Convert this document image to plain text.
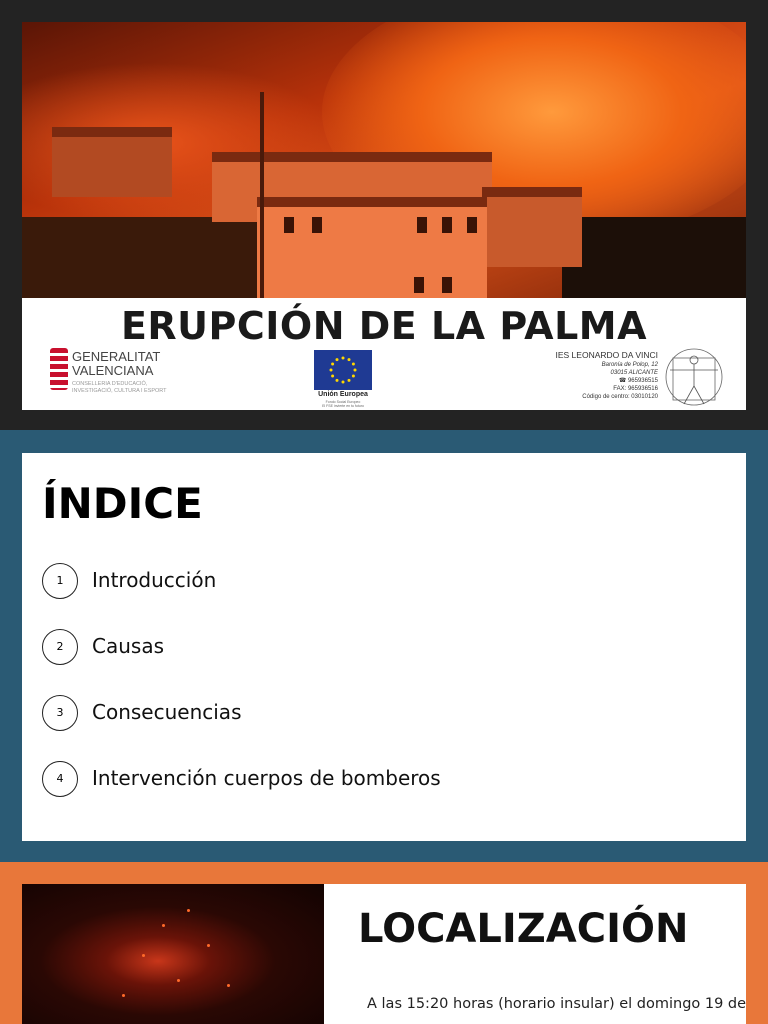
ERUPCIÓN DE LA PALMA
GENERALITAT
VALENCIANA
CONSELLERIA D'EDUCACIÓ,
INVESTIGACIÓ, CULTURA I ESPORT	Unión Europea
Fondo Social Europeo
El FSE invierte en tu futuro
IES LEONARDO DA VINCI
Baronía de Polop, 12
03015 ALICANTE
☎ 965936515
FAX: 965936516
Código de centro: 03010120
ÍNDICE
1	Introducción
2	Causas
3	Consecuencias
4	Intervención cuerpos de bomberos
LOCALIZACIÓN

A las 15:20 horas (horario insular) el domingo 19 de
